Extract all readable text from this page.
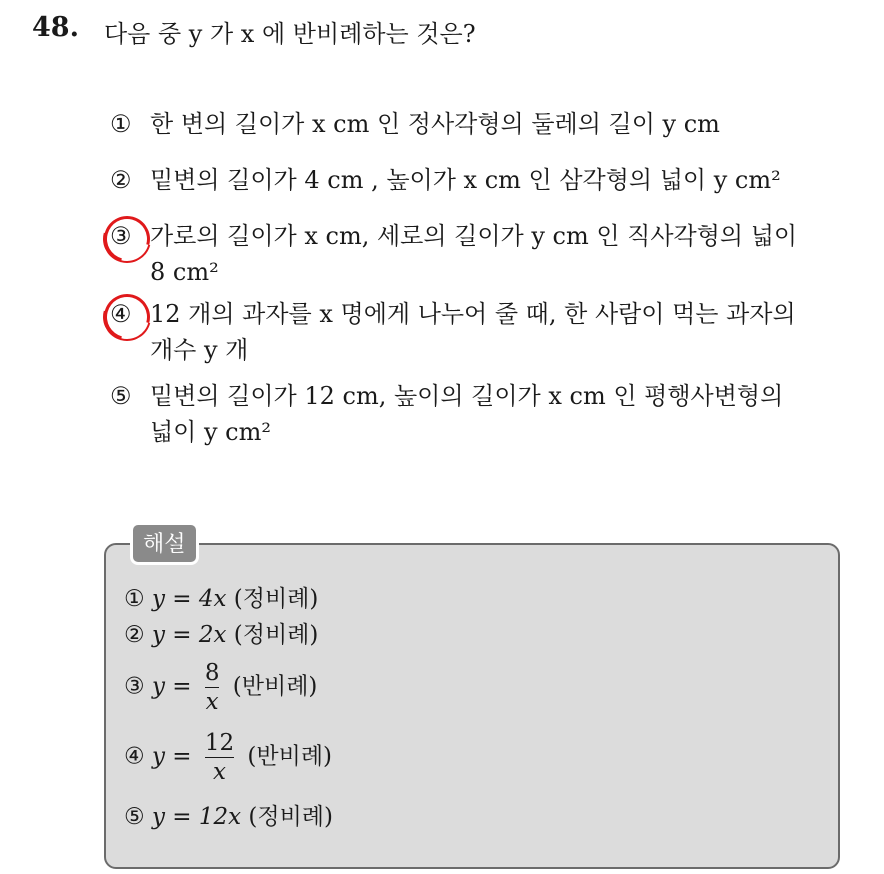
48. 다음 중 y 가 x 에 반비례하는 것은?
① 한 변의 길이가 x cm 인 정사각형의 둘레의 길이 y cm
② 밑변의 길이가 4 cm , 높이가 x cm 인 삼각형의 넓이 y cm²
③ 가로의 길이가 x cm, 세로의 길이가 y cm 인 직사각형의 넓이
8 cm²
④ 12 개의 과자를 x 명에게 나누어 줄 때, 한 사람이 먹는 과자의
개수 y 개
⑤ 밑변의 길이가 12 cm, 높이의 길이가 x cm 인 평행사변형의
넓이 y cm²
해설
① y = 4x (정비례)
② y = 2x (정비례)
③ $y = \frac{8}{x}$ (반비례)
④ $y = \frac{12}{x}$ (반비례)
⑤ y = 12x (정비례)
